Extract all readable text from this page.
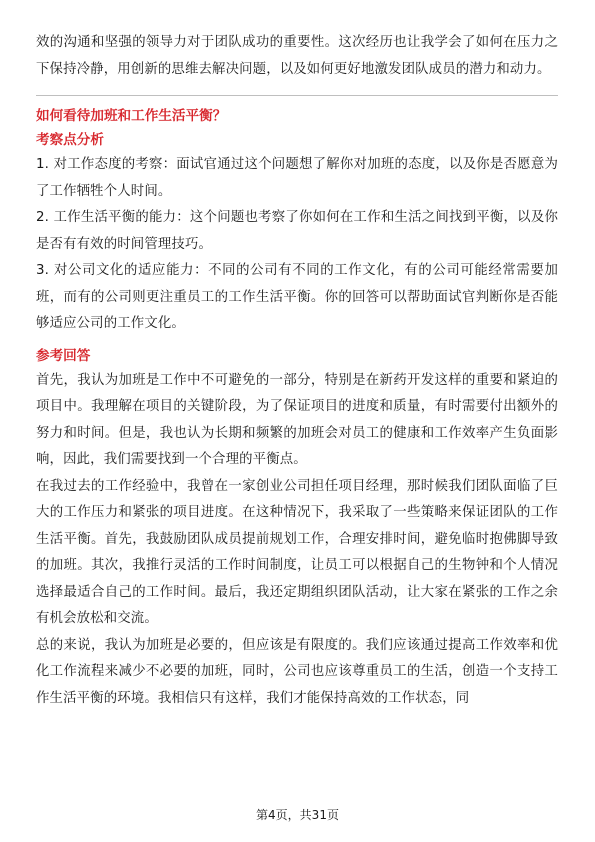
效的沟通和坚强的领导力对于团队成功的重要性。这次经历也让我学会了如何在压力之下保持冷静，用创新的思维去解决问题，以及如何更好地激发团队成员的潜力和动力。

如何看待加班和工作生活平衡？

考察点分析

1. 对工作态度的考察：面试官通过这个问题想了解你对加班的态度，以及你是否愿意为了工作牺牲个人时间。

2. 工作生活平衡的能力：这个问题也考察了你如何在工作和生活之间找到平衡，以及你是否有有效的时间管理技巧。

3. 对公司文化的适应能力：不同的公司有不同的工作文化，有的公司可能经常需要加班，而有的公司则更注重员工的工作生活平衡。你的回答可以帮助面试官判断你是否能够适应公司的工作文化。

参考回答

首先，我认为加班是工作中不可避免的一部分，特别是在新药开发这样的重要和紧迫的项目中。我理解在项目的关键阶段，为了保证项目的进度和质量，有时需要付出额外的努力和时间。但是，我也认为长期和频繁的加班会对员工的健康和工作效率产生负面影响，因此，我们需要找到一个合理的平衡点。

在我过去的工作经验中，我曾在一家创业公司担任项目经理，那时候我们团队面临了巨大的工作压力和紧张的项目进度。在这种情况下，我采取了一些策略来保证团队的工作生活平衡。首先，我鼓励团队成员提前规划工作，合理安排时间，避免临时抱佛脚导致的加班。其次，我推行灵活的工作时间制度，让员工可以根据自己的生物钟和个人情况选择最适合自己的工作时间。最后，我还定期组织团队活动，让大家在紧张的工作之余有机会放松和交流。

总的来说，我认为加班是必要的，但应该是有限度的。我们应该通过提高工作效率和优化工作流程来减少不必要的加班，同时，公司也应该尊重员工的生活，创造一个支持工作生活平衡的环境。我相信只有这样，我们才能保持高效的工作状态，同

第4页，共31页
